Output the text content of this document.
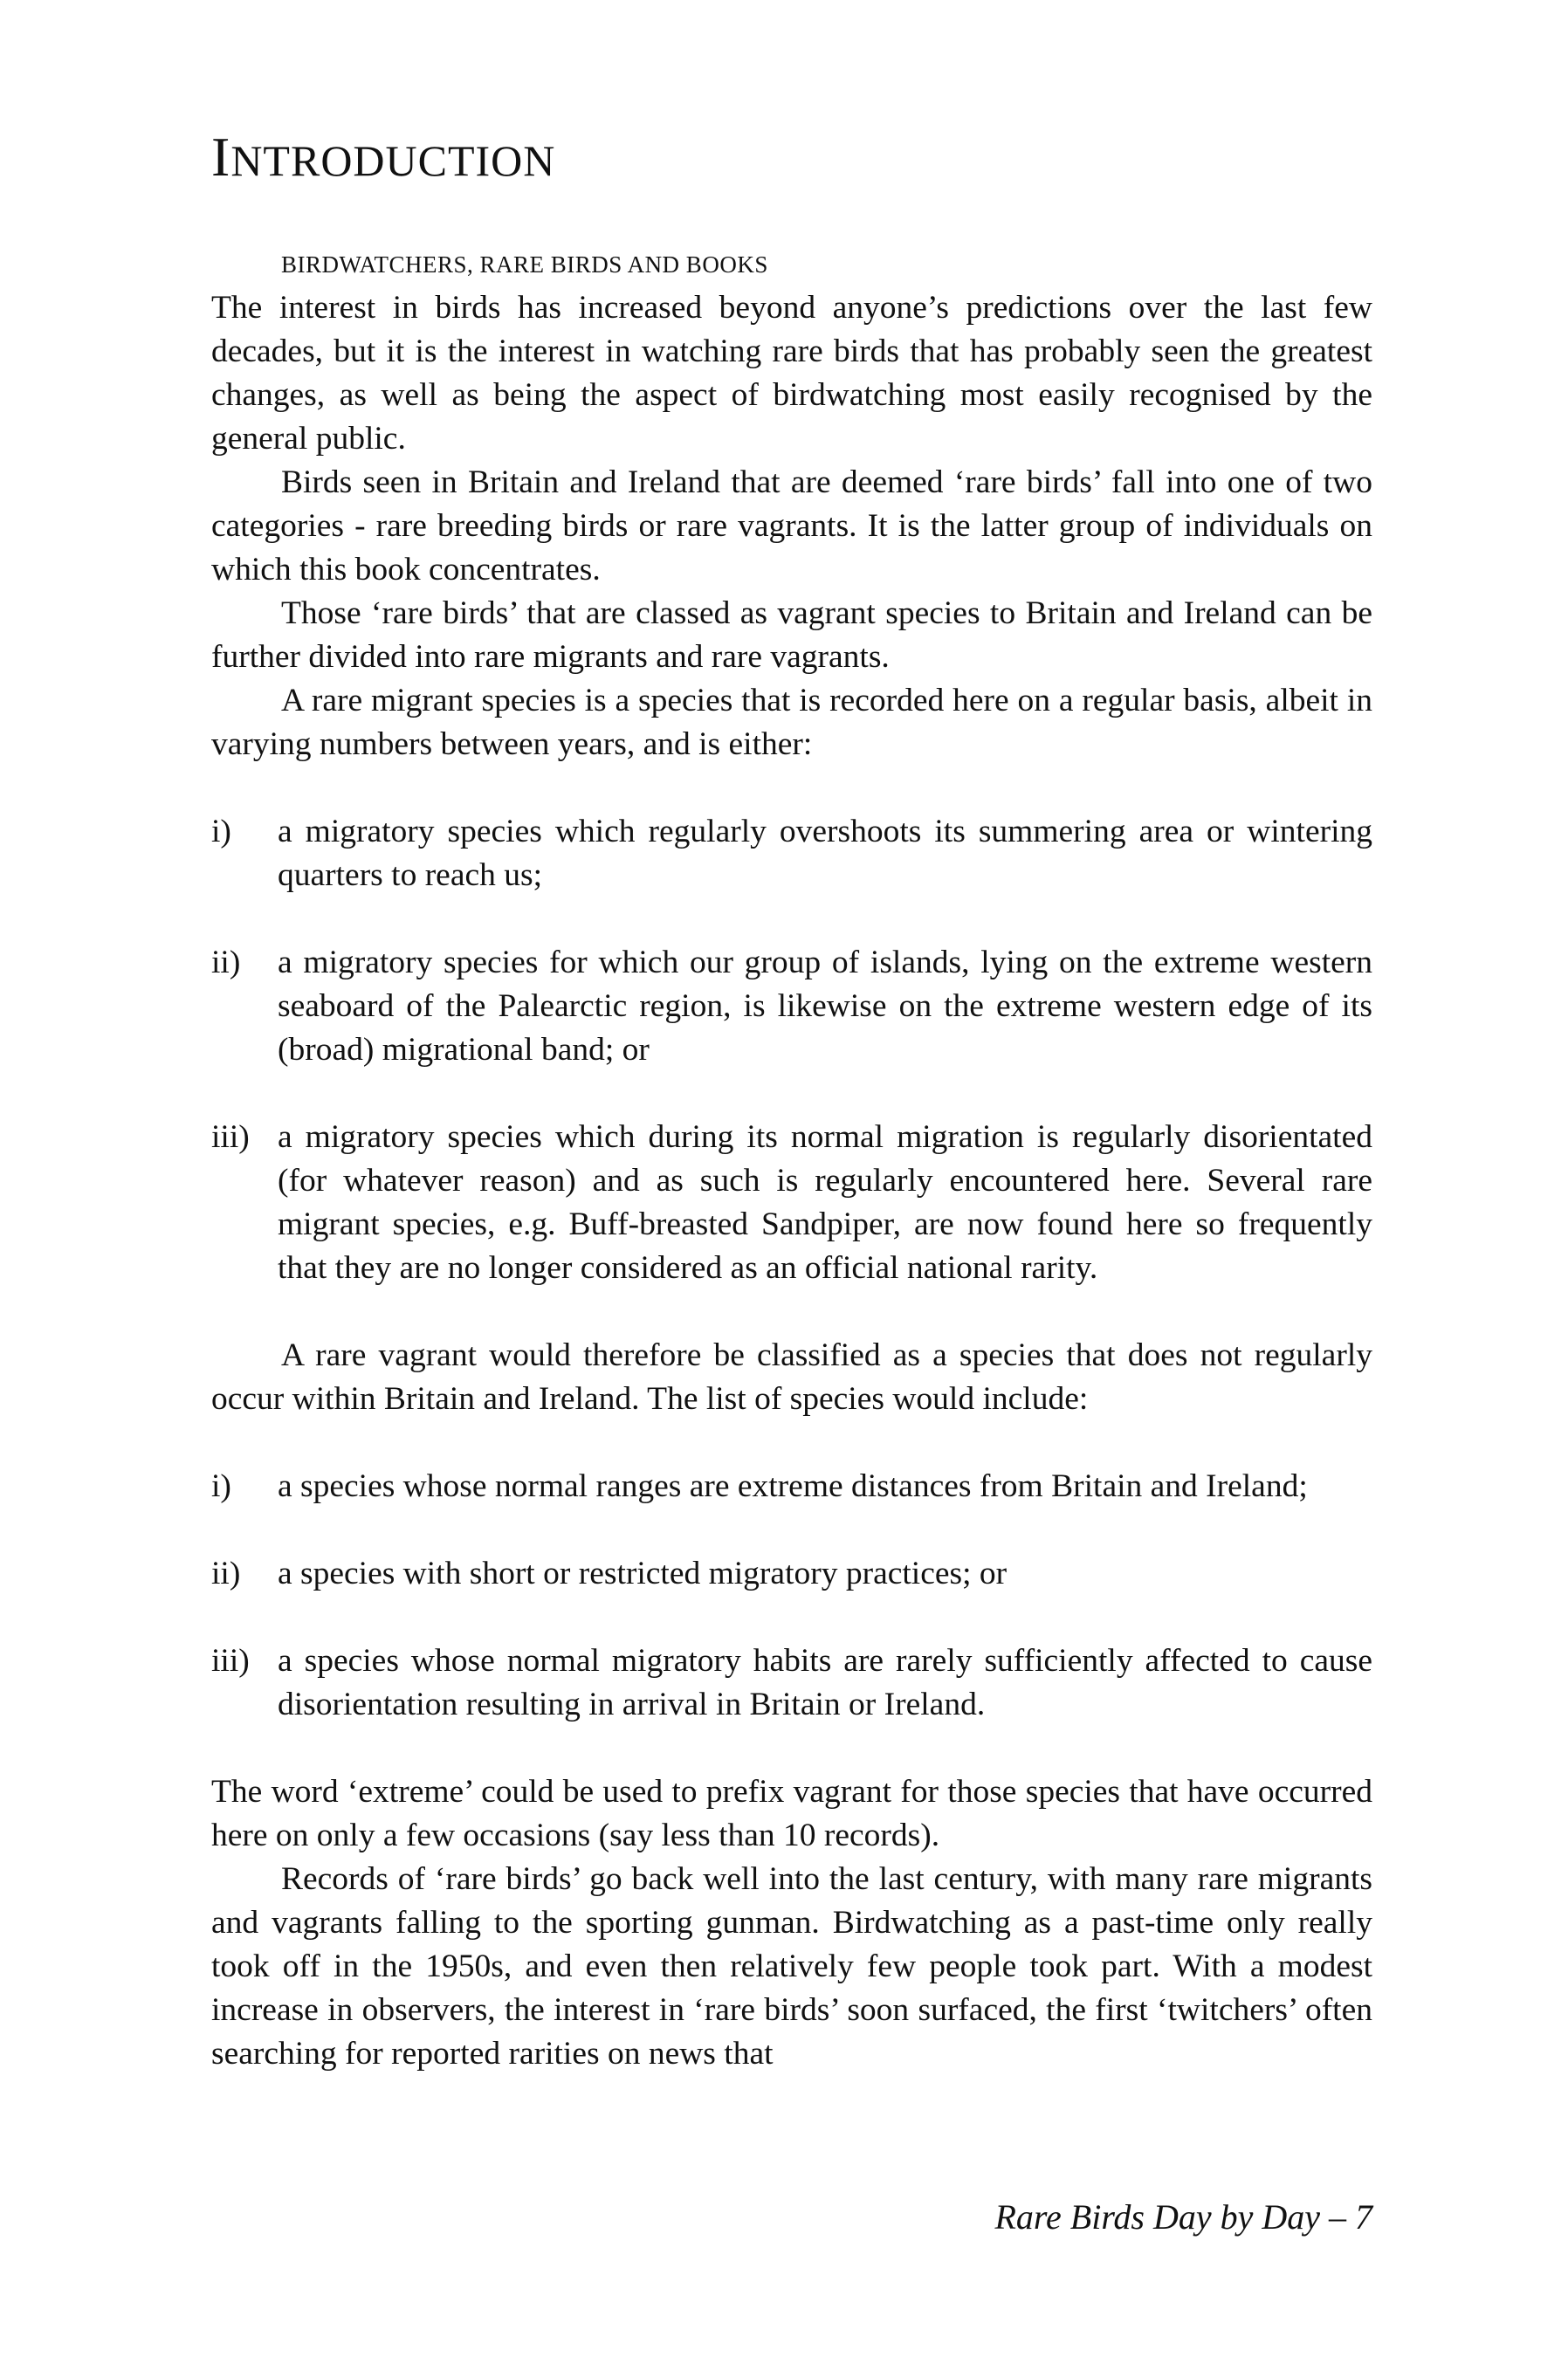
INTRODUCTION
BIRDWATCHERS, RARE BIRDS AND BOOKS

The interest in birds has increased beyond anyone’s predictions over the last few decades, but it is the interest in watching rare birds that has probably seen the greatest changes, as well as being the aspect of birdwatching most easily recognised by the general public.

Birds seen in Britain and Ireland that are deemed ‘rare birds’ fall into one of two categories - rare breeding birds or rare vagrants. It is the latter group of individuals on which this book concentrates.

Those ‘rare birds’ that are classed as vagrant species to Britain and Ireland can be further divided into rare migrants and rare vagrants.

A rare migrant species is a species that is recorded here on a regular basis, albeit in varying numbers between years, and is either:

i) a migratory species which regularly overshoots its summering area or wintering quarters to reach us;
ii) a migratory species for which our group of islands, lying on the extreme western seaboard of the Palearctic region, is likewise on the extreme western edge of its (broad) migrational band; or
iii) a migratory species which during its normal migration is regularly disorientated (for whatever reason) and as such is regularly encountered here. Several rare migrant species, e.g. Buff-breasted Sandpiper, are now found here so frequently that they are no longer considered as an official national rarity.

A rare vagrant would therefore be classified as a species that does not regularly occur within Britain and Ireland. The list of species would include:

i) a species whose normal ranges are extreme distances from Britain and Ireland;
ii) a species with short or restricted migratory practices; or
iii) a species whose normal migratory habits are rarely sufficiently affected to cause disorientation resulting in arrival in Britain or Ireland.

The word ‘extreme’ could be used to prefix vagrant for those species that have occurred here on only a few occasions (say less than 10 records).

Records of ‘rare birds’ go back well into the last century, with many rare migrants and vagrants falling to the sporting gunman. Birdwatching as a past-time only really took off in the 1950s, and even then relatively few people took part. With a modest increase in observers, the interest in ‘rare birds’ soon surfaced, the first ‘twitchers’ often searching for reported rarities on news that

Rare Birds Day by Day – 7
